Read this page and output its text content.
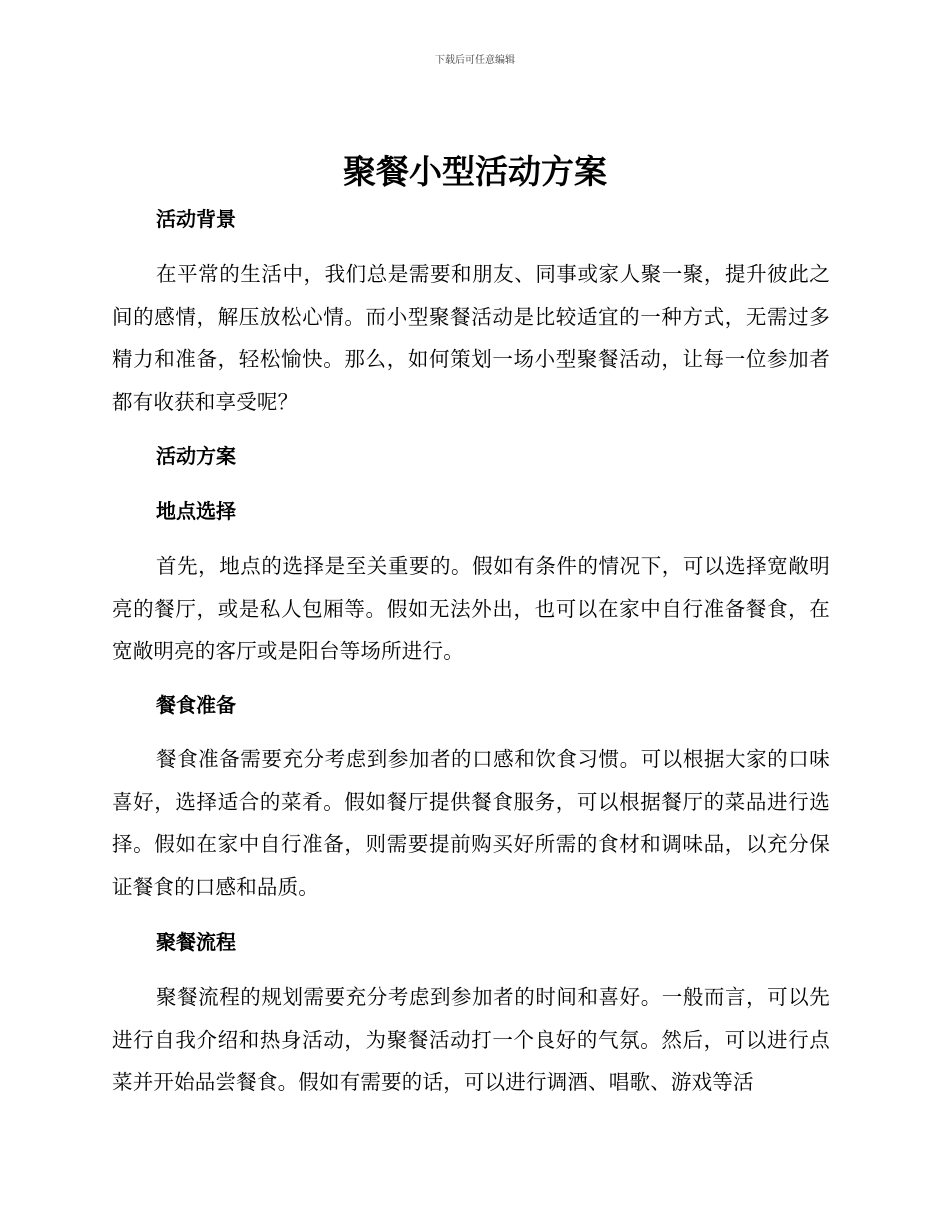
下载后可任意编辑
聚餐小型活动方案
活动背景

在平常的生活中，我们总是需要和朋友、同事或家人聚一聚，提升彼此之间的感情，解压放松心情。而小型聚餐活动是比较适宜的一种方式，无需过多精力和准备，轻松愉快。那么，如何策划一场小型聚餐活动，让每一位参加者都有收获和享受呢？

活动方案
地点选择

首先，地点的选择是至关重要的。假如有条件的情况下，可以选择宽敞明亮的餐厅，或是私人包厢等。假如无法外出，也可以在家中自行准备餐食，在宽敞明亮的客厅或是阳台等场所进行。

餐食准备

餐食准备需要充分考虑到参加者的口感和饮食习惯。可以根据大家的口味喜好，选择适合的菜肴。假如餐厅提供餐食服务，可以根据餐厅的菜品进行选择。假如在家中自行准备，则需要提前购买好所需的食材和调味品，以充分保证餐食的口感和品质。

聚餐流程

聚餐流程的规划需要充分考虑到参加者的时间和喜好。一般而言，可以先进行自我介绍和热身活动，为聚餐活动打一个良好的气氛。然后，可以进行点菜并开始品尝餐食。假如有需要的话，可以进行调酒、唱歌、游戏等活
